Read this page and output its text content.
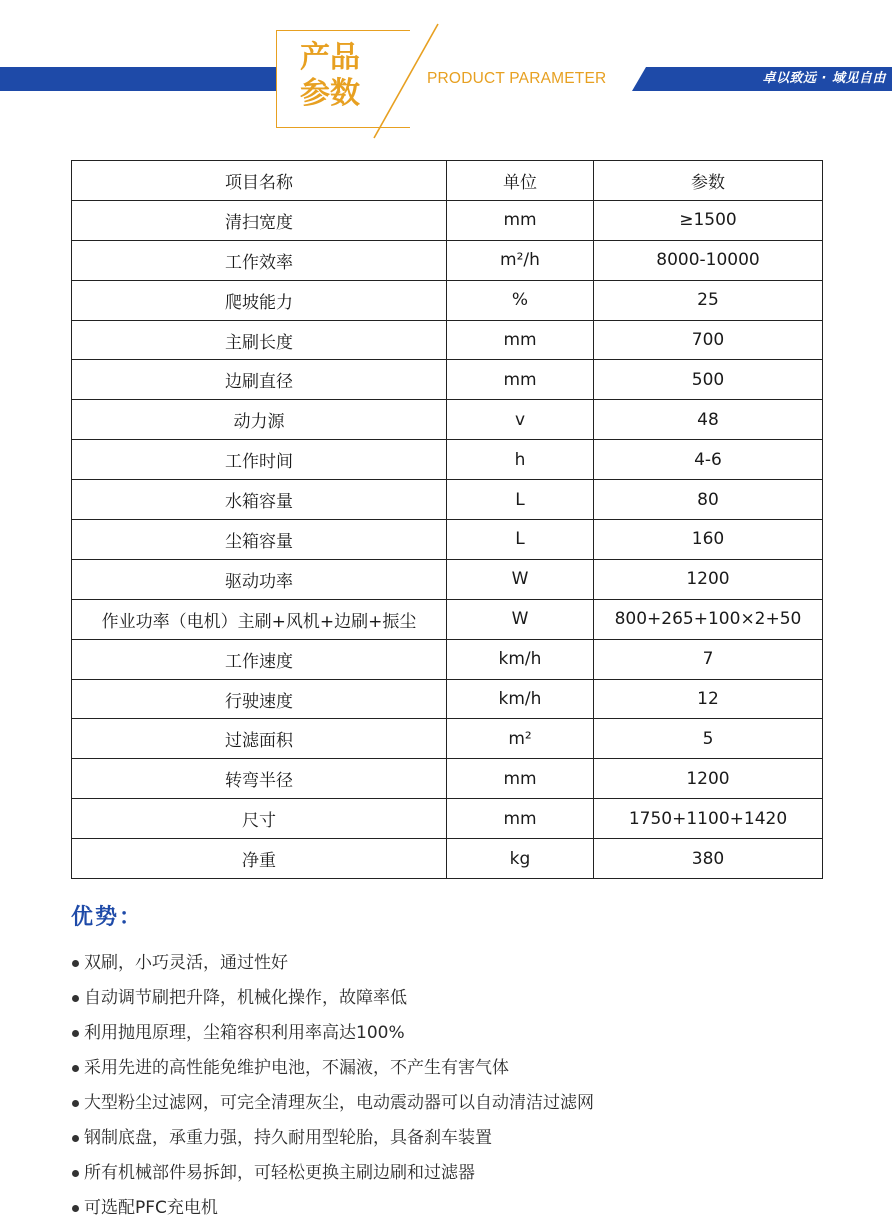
卓以致远 · 域见自由
产品
参数	PRODUCT PARAMETER
项目名称	单位	参数
清扫宽度	mm	≥1500
工作效率	m²/h	8000-10000
爬坡能力	%	25
主刷长度	mm	700
边刷直径	mm	500
动力源	v	48
工作时间	h	4-6
水箱容量	L	80
尘箱容量	L	160
驱动功率	W	1200
作业功率（电机）主刷+风机+边刷+振尘	W	800+265+100×2+50
工作速度	km/h	7
行驶速度	km/h	12
过滤面积	m²	5
转弯半径	mm	1200
尺寸	mm	1750+1100+1420
净重	kg	380
优势：
双刷，小巧灵活，通过性好
自动调节刷把升降，机械化操作，故障率低
利用抛甩原理，尘箱容积利用率高达100%
采用先进的高性能免维护电池，不漏液，不产生有害气体
大型粉尘过滤网，可完全清理灰尘，电动震动器可以自动清洁过滤网
钢制底盘，承重力强，持久耐用型轮胎，具备刹车装置
所有机械部件易拆卸，可轻松更换主刷边刷和过滤器
可选配PFC充电机
